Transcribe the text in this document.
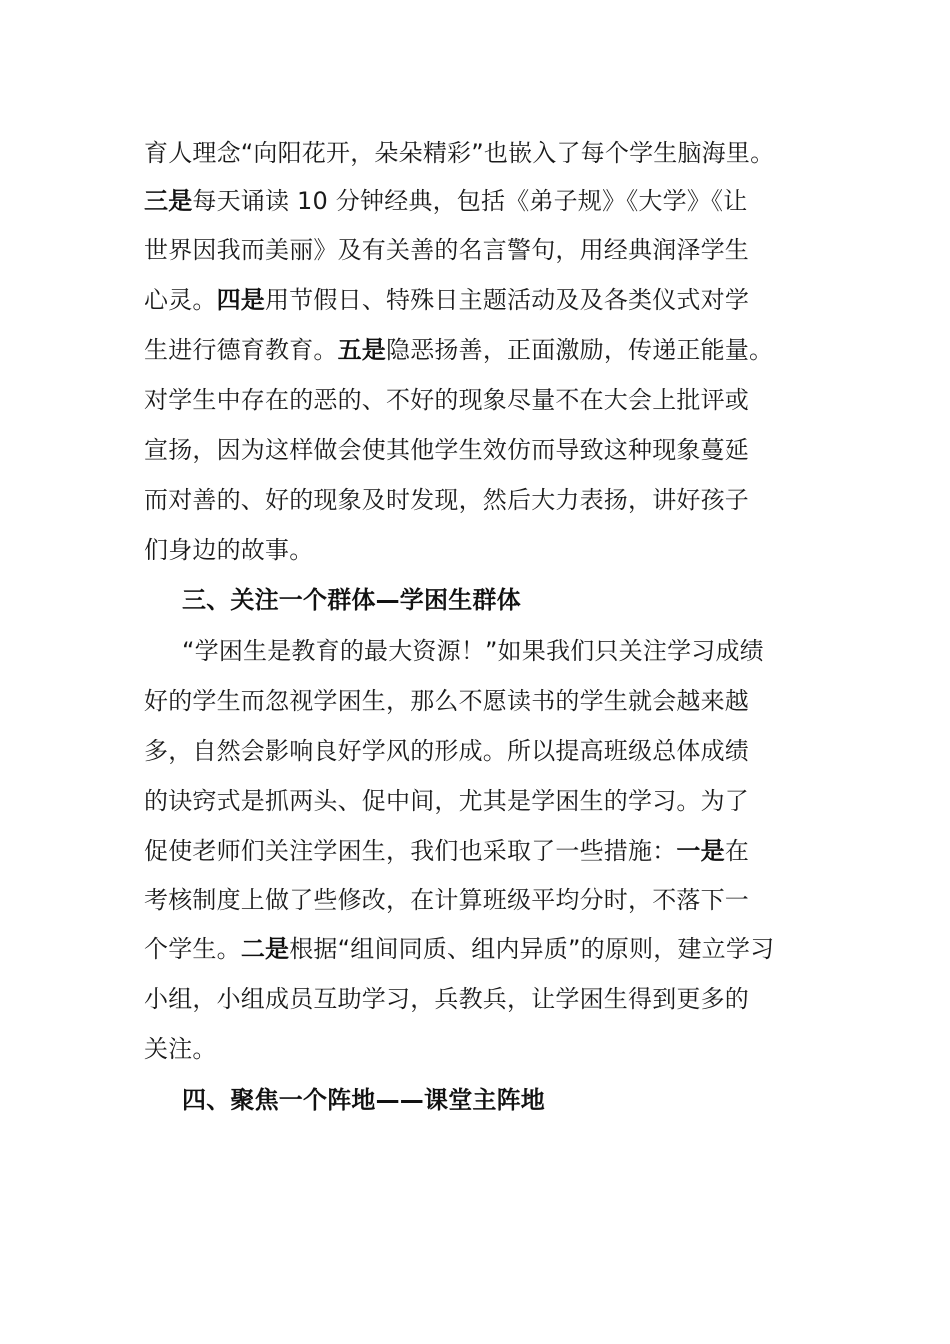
育人理念“向阳花开，朵朵精彩”也嵌入了每个学生脑海里。
三是每天诵读 10 分钟经典，包括《弟子规》《大学》《让
世界因我而美丽》及有关善的名言警句，用经典润泽学生
心灵。四是用节假日、特殊日主题活动及及各类仪式对学
生进行德育教育。五是隐恶扬善，正面激励，传递正能量。
对学生中存在的恶的、不好的现象尽量不在大会上批评或
宣扬，因为这样做会使其他学生效仿而导致这种现象蔓延
而对善的、好的现象及时发现，然后大力表扬，讲好孩子
们身边的故事。
三、关注一个群体—学困生群体
“学困生是教育的最大资源！”如果我们只关注学习成绩
好的学生而忽视学困生，那么不愿读书的学生就会越来越
多，自然会影响良好学风的形成。所以提高班级总体成绩
的诀窍式是抓两头、促中间，尤其是学困生的学习。为了
促使老师们关注学困生，我们也采取了一些措施：一是在
考核制度上做了些修改，在计算班级平均分时，不落下一
个学生。二是根据“组间同质、组内异质”的原则，建立学习
小组，小组成员互助学习，兵教兵，让学困生得到更多的
关注。
四、聚焦一个阵地——课堂主阵地
